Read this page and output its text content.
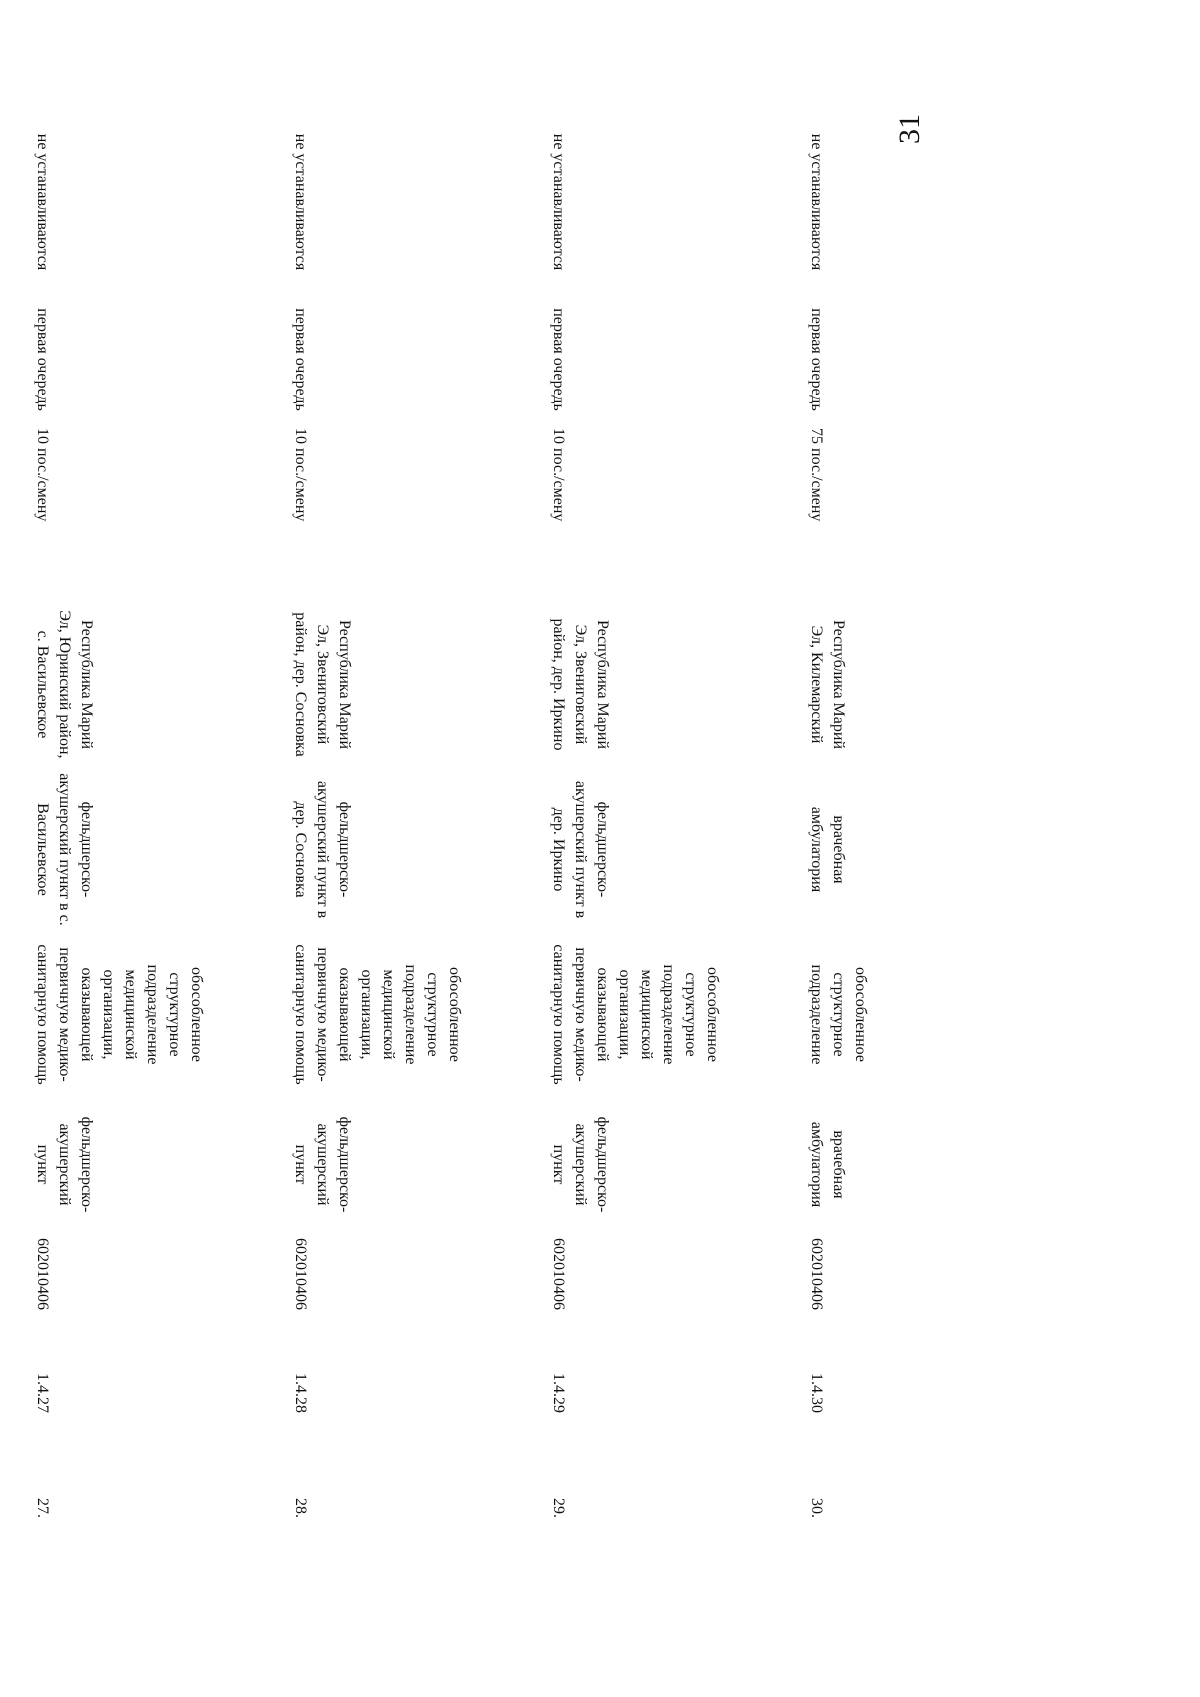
31

27.	1.4.27	602010406	фельдшерско-акушерский пункт	обособленное структурное подразделение медицинской организации, оказывающей первичную медико-санитарную помощь	фельдшерско-акушерский пункт в с. Васильевское	Республика Марий Эл, Юринский район, с. Васильевское	10 пос./смену	первая очередь	не устанавливаются

28.	1.4.28	602010406	фельдшерско-акушерский пункт	обособленное структурное подразделение медицинской организации, оказывающей первичную медико-санитарную помощь	фельдшерско-акушерский пункт в дер. Сосновка	Республика Марий Эл, Звениговский район, дер. Сосновка	10 пос./смену	первая очередь	не устанавливаются

29.	1.4.29	602010406	фельдшерско-акушерский пункт	обособленное структурное подразделение медицинской организации, оказывающей первичную медико-санитарную помощь	фельдшерско-акушерский пункт в дер. Иркино	Республика Марий Эл, Звениговский район, дер. Иркино	10 пос./смену	первая очередь	не устанавливаются

30.	1.4.30	602010406	врачебная амбулатория	обособленное структурное подразделение	врачебная амбулатория	Республика Марий Эл, Килемарский	75 пос./смену	первая очередь	не устанавливаются
